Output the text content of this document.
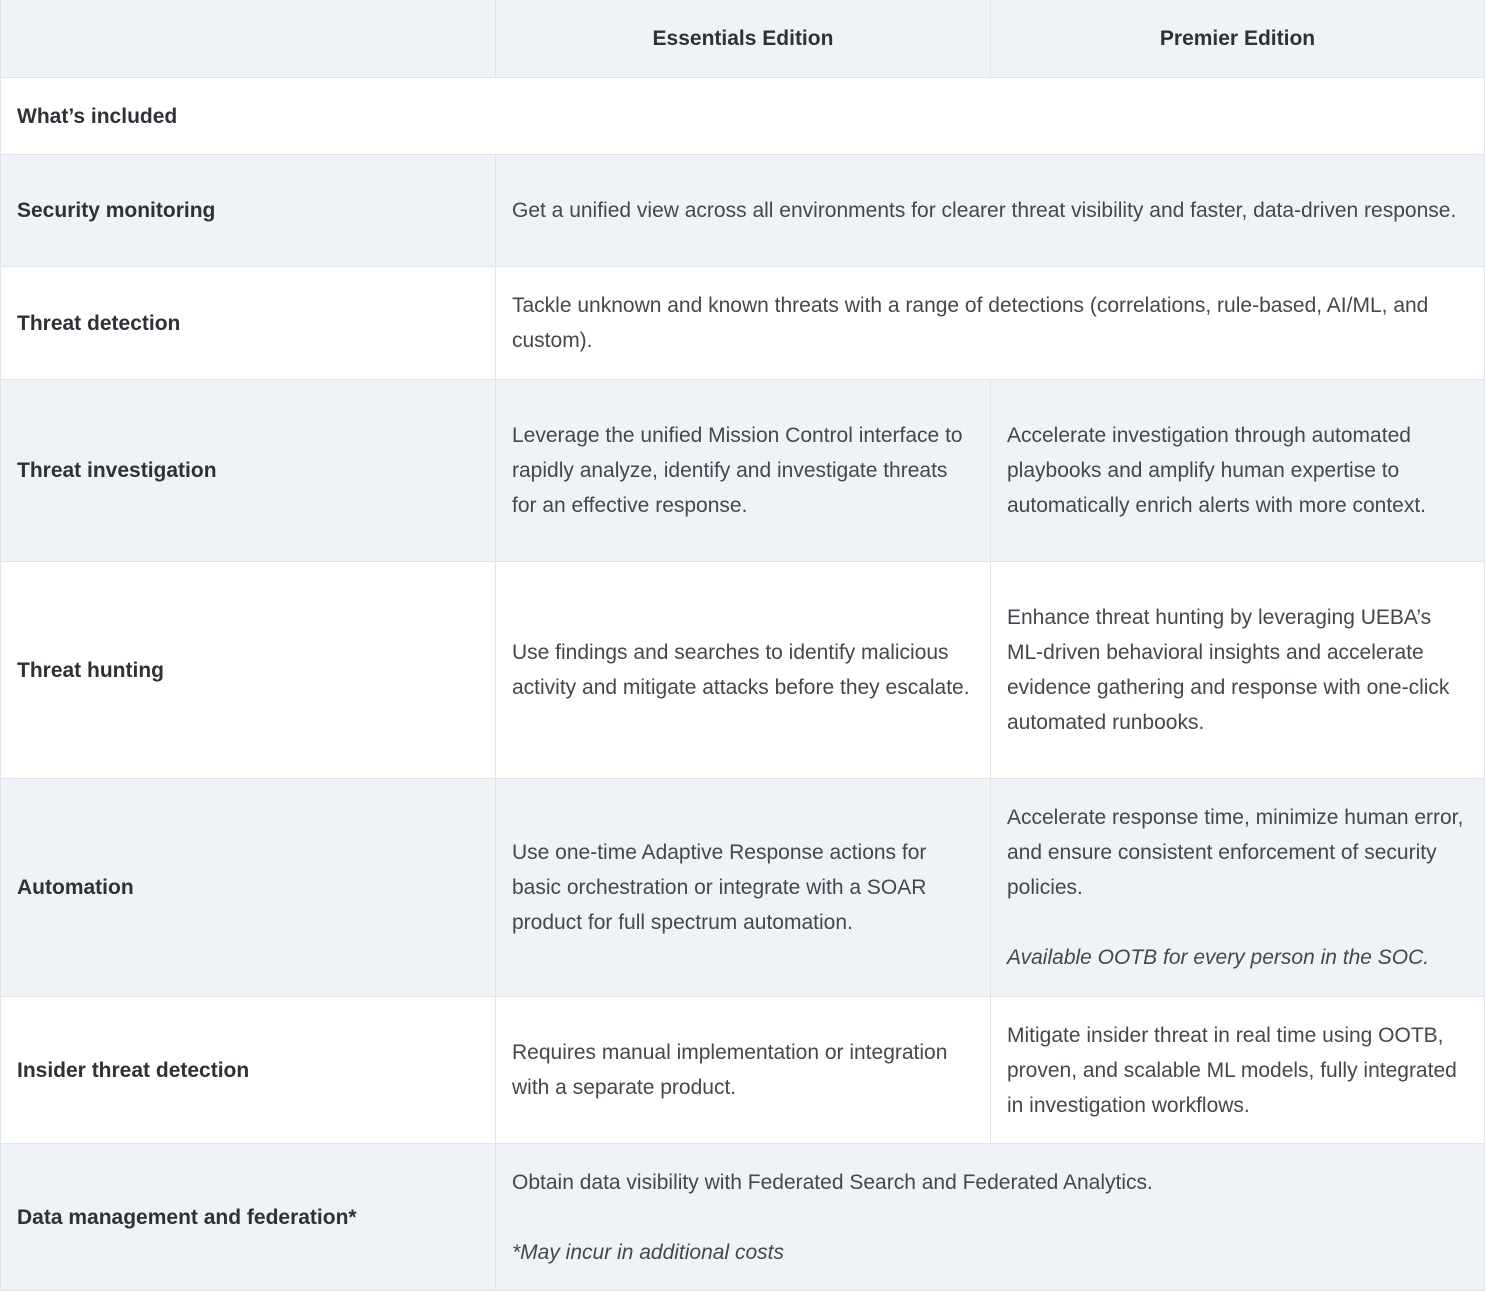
Essentials Edition	Premier Edition
What’s included
Security monitoring	Get a unified view across all environments for clearer threat visibility and faster, data-driven response.
Threat detection
Tackle unknown and known threats with a range of detections (correlations, rule-based, AI/ML, and custom).
Threat investigation
Leverage the unified Mission Control interface to rapidly analyze, identify and investigate threats for an effective response.
Accelerate investigation through automated playbooks and amplify human expertise to automatically enrich alerts with more context.
Threat hunting
Use findings and searches to identify malicious activity and mitigate attacks before they escalate.
Enhance threat hunting by leveraging UEBA’s ML-driven behavioral insights and accelerate evidence gathering and response with one-click automated runbooks.
Automation
Use one-time Adaptive Response actions for basic orchestration or integrate with a SOAR product for full spectrum automation.
Accelerate response time, minimize human error, and ensure consistent enforcement of security policies.
Available OOTB for every person in the SOC.
Insider threat detection
Requires manual implementation or integration with a separate product.
Mitigate insider threat in real time using OOTB, proven, and scalable ML models, fully integrated in investigation workflows.
Data management and federation*
Obtain data visibility with Federated Search and Federated Analytics.
*May incur in additional costs
